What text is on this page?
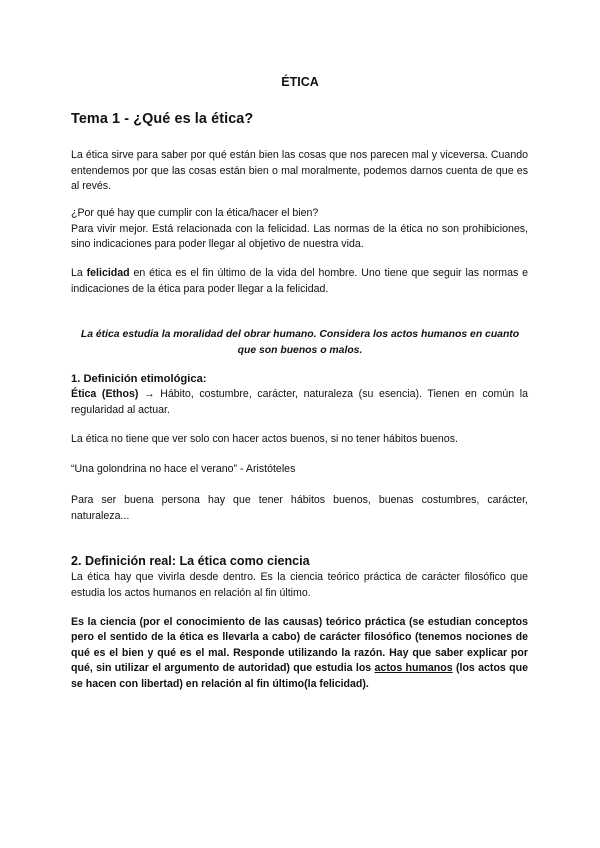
ÉTICA

Tema 1 - ¿Qué es la ética?

La ética sirve para saber por qué están bien las cosas que nos parecen mal y viceversa. Cuando entendemos por que las cosas están bien o mal moralmente, podemos darnos cuenta de que es al revés.

¿Por qué hay que cumplir con la ética/hacer el bien?

Para vivir mejor. Está relacionada con la felicidad. Las normas de la ética no son prohibiciones, sino indicaciones para poder llegar al objetivo de nuestra vida.

La felicidad en ética es el fin último de la vida del hombre. Uno tiene que seguir las normas e indicaciones de la ética para poder llegar a la felicidad.

La ética estudia la moralidad del obrar humano. Considera los actos humanos en cuanto que son buenos o malos.

1. Definición etimológica:

Ética (Ethos) → Hábito, costumbre, carácter, naturaleza (su esencia). Tienen en común la regularidad al actuar.

La ética no tiene que ver solo con hacer actos buenos, si no tener hábitos buenos.

“Una golondrina no hace el verano” - Aristóteles

Para ser buena persona hay que tener hábitos buenos, buenas costumbres, carácter, naturaleza...

2. Definición real: La ética como ciencia

La ética hay que vivirla desde dentro. Es la ciencia teórico práctica de carácter filosófico que estudia los actos humanos en relación al fin último.

Es la ciencia (por el conocimiento de las causas) teórico práctica (se estudian conceptos pero el sentido de la ética es llevarla a cabo) de carácter filosófico (tenemos nociones de qué es el bien y qué es el mal. Responde utilizando la razón. Hay que saber explicar por qué, sin utilizar el argumento de autoridad) que estudia los actos humanos (los actos que se hacen con libertad) en relación al fin último(la felicidad).
